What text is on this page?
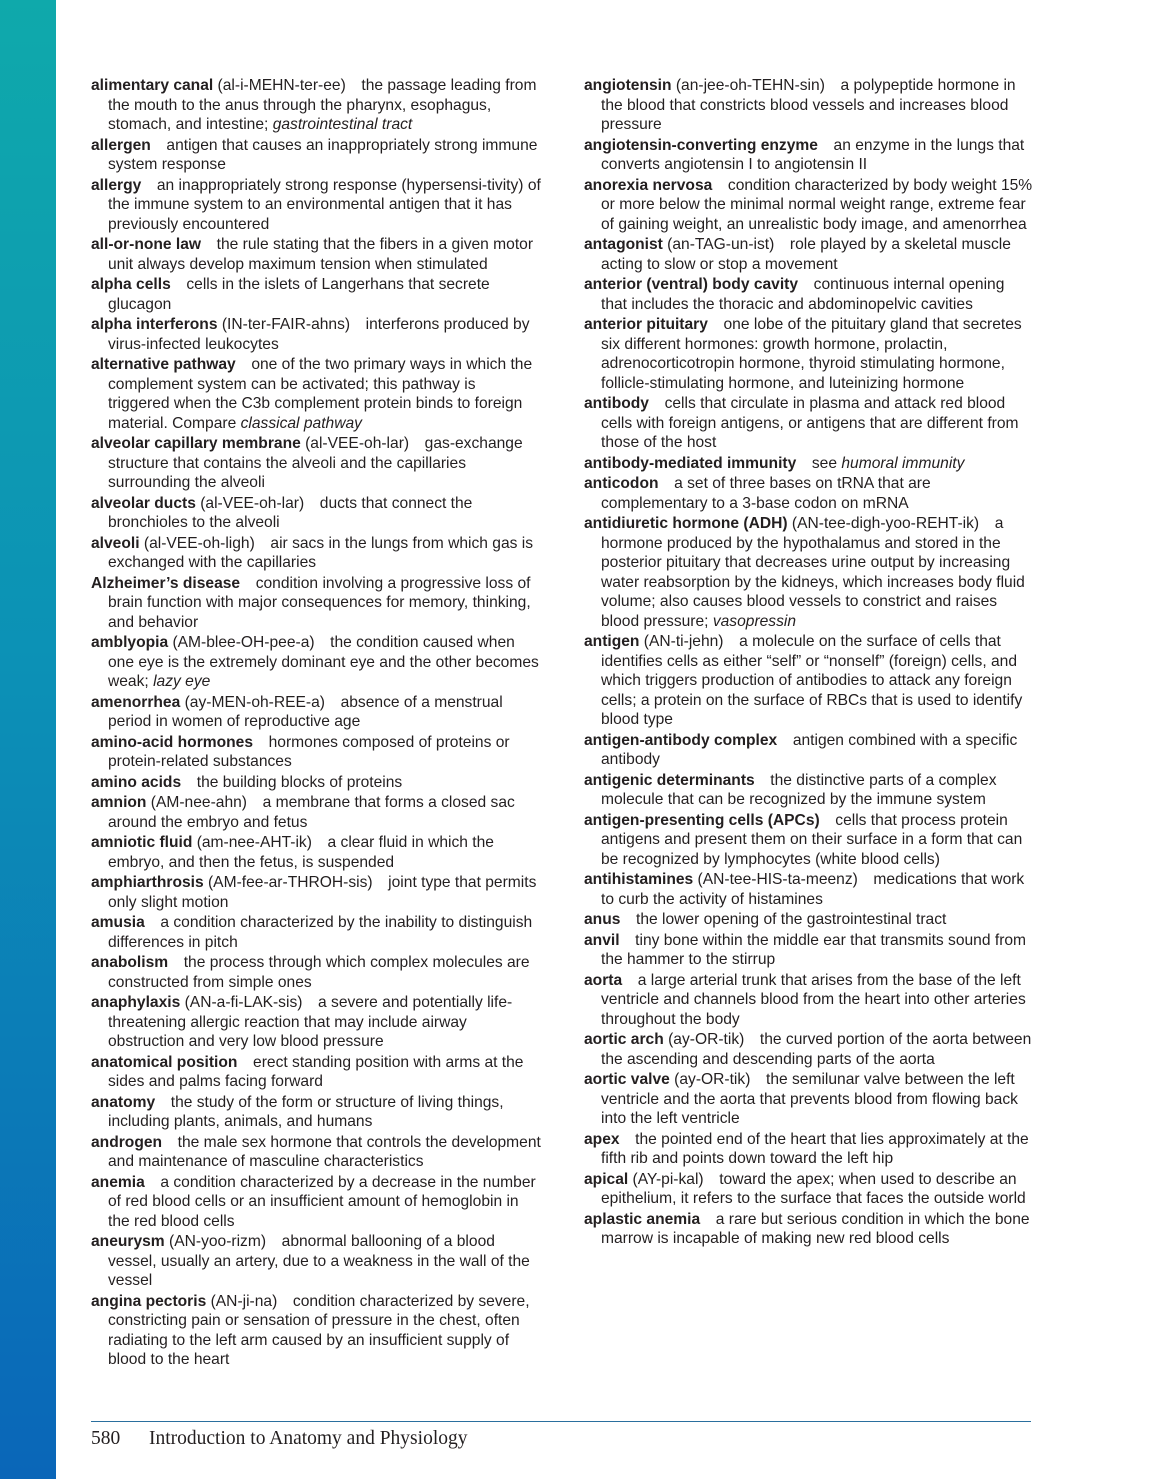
alimentary canal (al-i-MEHN-ter-ee)  the passage leading from the mouth to the anus through the pharynx, esophagus, stomach, and intestine; gastrointestinal tract
allergen  antigen that causes an inappropriately strong immune system response
allergy  an inappropriately strong response (hypersensi-tivity) of the immune system to an environmental antigen that it has previously encountered
all-or-none law  the rule stating that the fibers in a given motor unit always develop maximum tension when stimulated
alpha cells  cells in the islets of Langerhans that secrete glucagon
alpha interferons (IN-ter-FAIR-ahns)  interferons produced by virus-infected leukocytes
alternative pathway  one of the two primary ways in which the complement system can be activated; this pathway is triggered when the C3b complement protein binds to foreign material. Compare classical pathway
alveolar capillary membrane (al-VEE-oh-lar)  gas-exchange structure that contains the alveoli and the capillaries surrounding the alveoli
alveolar ducts (al-VEE-oh-lar)  ducts that connect the bronchioles to the alveoli
alveoli (al-VEE-oh-ligh)  air sacs in the lungs from which gas is exchanged with the capillaries
Alzheimer’s disease  condition involving a progressive loss of brain function with major consequences for memory, thinking, and behavior
amblyopia (AM-blee-OH-pee-a)  the condition caused when one eye is the extremely dominant eye and the other becomes weak; lazy eye
amenorrhea (ay-MEN-oh-REE-a)  absence of a menstrual period in women of reproductive age
amino-acid hormones  hormones composed of proteins or protein-related substances
amino acids  the building blocks of proteins
amnion (AM-nee-ahn)  a membrane that forms a closed sac around the embryo and fetus
amniotic fluid (am-nee-AHT-ik)  a clear fluid in which the embryo, and then the fetus, is suspended
amphiarthrosis (AM-fee-ar-THROH-sis)  joint type that permits only slight motion
amusia  a condition characterized by the inability to distinguish differences in pitch
anabolism  the process through which complex molecules are constructed from simple ones
anaphylaxis (AN-a-fi-LAK-sis)  a severe and potentially life-threatening allergic reaction that may include airway obstruction and very low blood pressure
anatomical position  erect standing position with arms at the sides and palms facing forward
anatomy  the study of the form or structure of living things, including plants, animals, and humans
androgen  the male sex hormone that controls the development and maintenance of masculine characteristics
anemia  a condition characterized by a decrease in the number of red blood cells or an insufficient amount of hemoglobin in the red blood cells
aneurysm (AN-yoo-rizm)  abnormal ballooning of a blood vessel, usually an artery, due to a weakness in the wall of the vessel
angina pectoris (AN-ji-na)  condition characterized by severe, constricting pain or sensation of pressure in the chest, often radiating to the left arm caused by an insufficient supply of blood to the heart
angiotensin (an-jee-oh-TEHN-sin)  a polypeptide hormone in the blood that constricts blood vessels and increases blood pressure
angiotensin-converting enzyme  an enzyme in the lungs that converts angiotensin I to angiotensin II
anorexia nervosa  condition characterized by body weight 15% or more below the minimal normal weight range, extreme fear of gaining weight, an unrealistic body image, and amenorrhea
antagonist (an-TAG-un-ist)  role played by a skeletal muscle acting to slow or stop a movement
anterior (ventral) body cavity  continuous internal opening that includes the thoracic and abdominopelvic cavities
anterior pituitary  one lobe of the pituitary gland that secretes six different hormones: growth hormone, prolactin, adrenocorticotropin hormone, thyroid stimulating hormone, follicle-stimulating hormone, and luteinizing hormone
antibody  cells that circulate in plasma and attack red blood cells with foreign antigens, or antigens that are different from those of the host
antibody-mediated immunity  see humoral immunity
anticodon  a set of three bases on tRNA that are complementary to a 3-base codon on mRNA
antidiuretic hormone (ADH) (AN-tee-digh-yoo-REHT-ik)  a hormone produced by the hypothalamus and stored in the posterior pituitary that decreases urine output by increasing water reabsorption by the kidneys, which increases body fluid volume; also causes blood vessels to constrict and raises blood pressure; vasopressin
antigen (AN-ti-jehn)  a molecule on the surface of cells that identifies cells as either “self” or “nonself” (foreign) cells, and which triggers production of antibodies to attack any foreign cells; a protein on the surface of RBCs that is used to identify blood type
antigen-antibody complex  antigen combined with a specific antibody
antigenic determinants  the distinctive parts of a complex molecule that can be recognized by the immune system
antigen-presenting cells (APCs)  cells that process protein antigens and present them on their surface in a form that can be recognized by lymphocytes (white blood cells)
antihistamines (AN-tee-HIS-ta-meenz)  medications that work to curb the activity of histamines
anus  the lower opening of the gastrointestinal tract
anvil  tiny bone within the middle ear that transmits sound from the hammer to the stirrup
aorta  a large arterial trunk that arises from the base of the left ventricle and channels blood from the heart into other arteries throughout the body
aortic arch (ay-OR-tik)  the curved portion of the aorta between the ascending and descending parts of the aorta
aortic valve (ay-OR-tik)  the semilunar valve between the left ventricle and the aorta that prevents blood from flowing back into the left ventricle
apex  the pointed end of the heart that lies approximately at the fifth rib and points down toward the left hip
apical (AY-pi-kal)  toward the apex; when used to describe an epithelium, it refers to the surface that faces the outside world
aplastic anemia  a rare but serious condition in which the bone marrow is incapable of making new red blood cells
580 Introduction to Anatomy and Physiology
